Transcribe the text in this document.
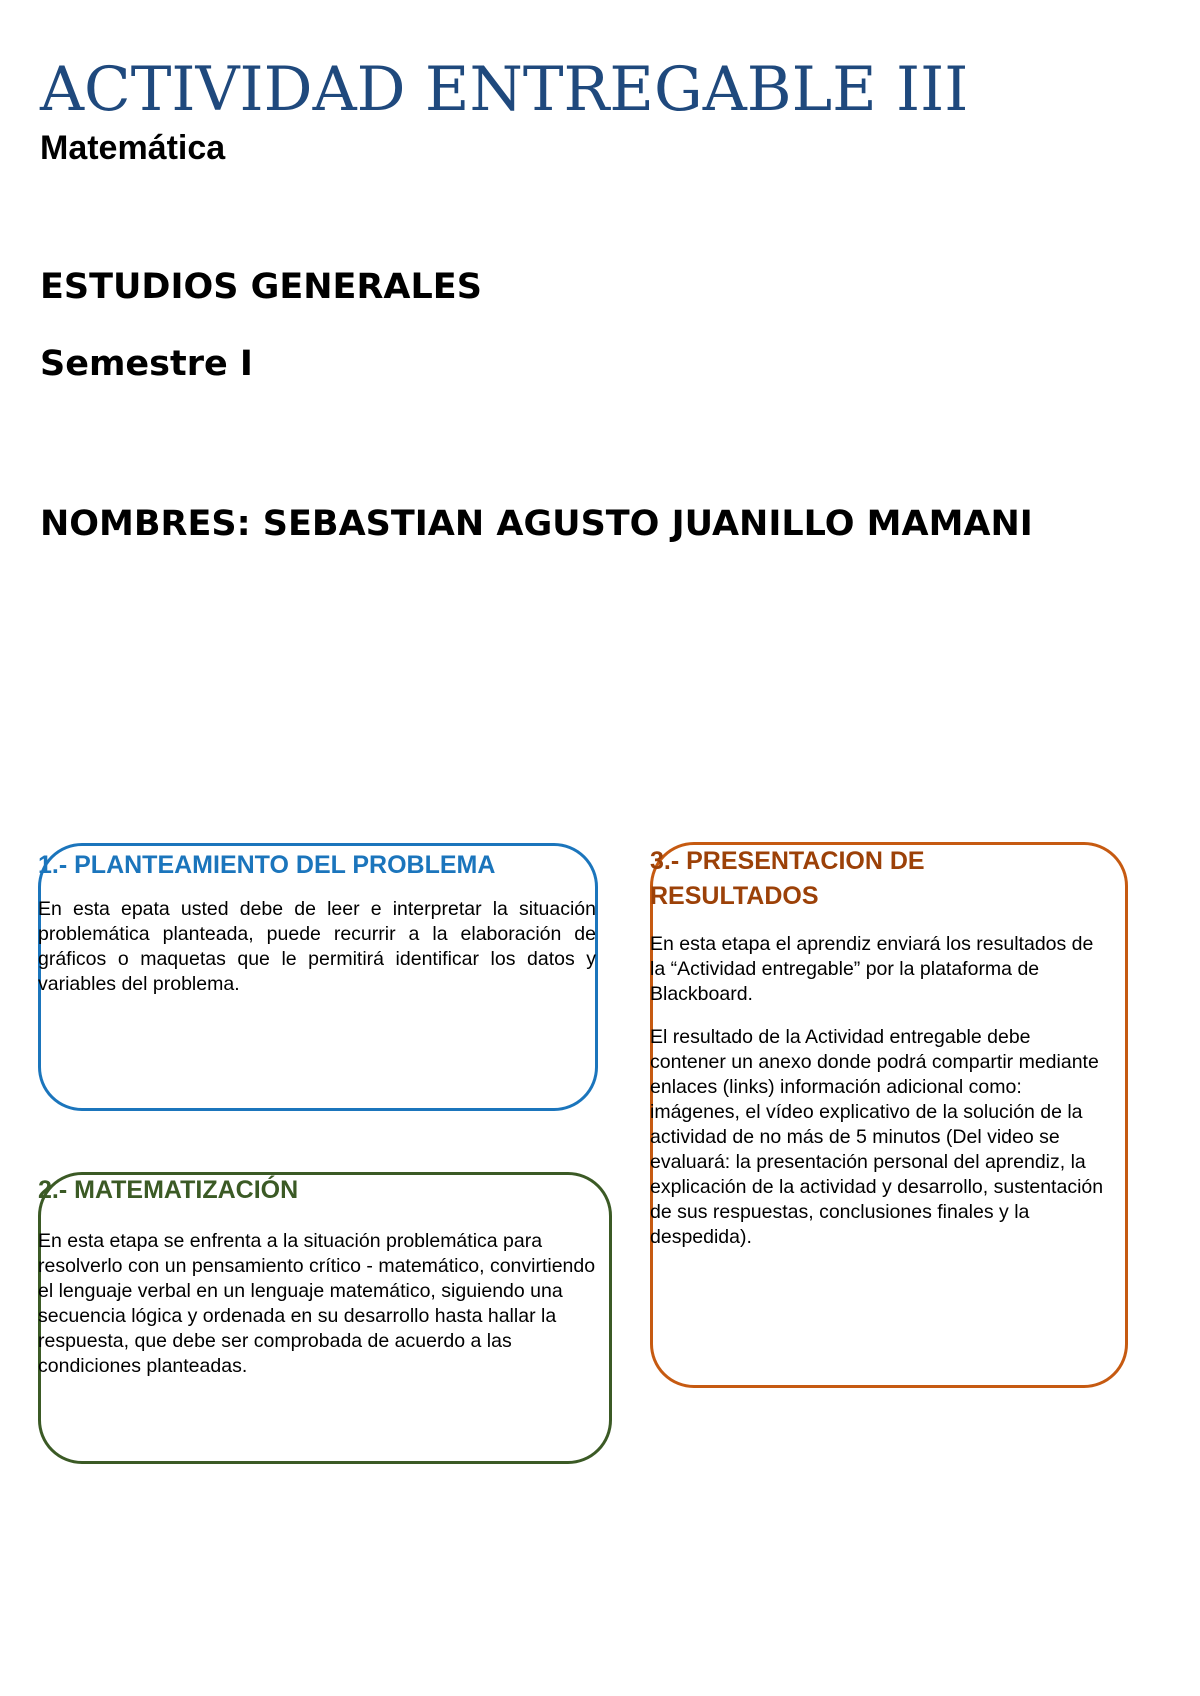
ACTIVIDAD ENTREGABLE III
Matemática
ESTUDIOS GENERALES
Semestre I
NOMBRES: SEBASTIAN AGUSTO JUANILLO MAMANI
1.- PLANTEAMIENTO DEL PROBLEMA

En esta epata usted debe de leer e interpretar la situación problemática planteada, puede recurrir a la elaboración de gráficos o maquetas que le permitirá identificar los datos y variables del problema.

2.- MATEMATIZACIÓN

En esta etapa se enfrenta a la situación problemática para resolverlo con un pensamiento crítico - matemático, convirtiendo el lenguaje verbal en un lenguaje matemático, siguiendo una secuencia lógica y ordenada en su desarrollo hasta hallar la respuesta, que debe ser comprobada de acuerdo a las condiciones planteadas.

3.- PRESENTACION DE RESULTADOS

En esta etapa el aprendiz enviará los resultados de la “Actividad entregable” por la plataforma de Blackboard.

El resultado de la Actividad entregable debe contener un anexo donde podrá compartir mediante enlaces (links) información adicional como: imágenes, el vídeo explicativo de la solución de la actividad de no más de 5 minutos (Del video se evaluará: la presentación personal del aprendiz, la explicación de la actividad y desarrollo, sustentación de sus respuestas, conclusiones finales y la despedida).
